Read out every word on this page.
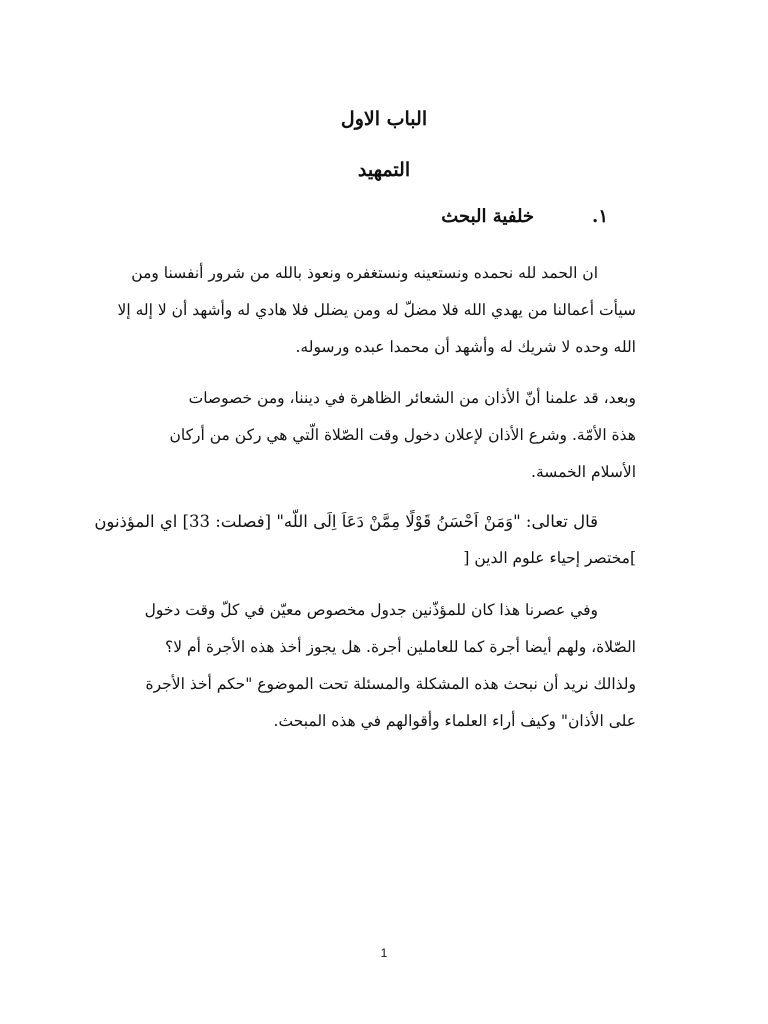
الباب الاول
التمهيد
١.خلفية البحث
ان الحمد لله نحمده ونستعينه ونستغفره ونعوذ بالله من شرور أنفسنا ومن
سيأت أعمالنا من يهدي الله فلا مضلّ له ومن يضلل فلا هادي له وأشهد أن لا إله إلا
الله وحده لا شريك له وأشهد أن محمدا عبده ورسوله.
وبعد، قد علمنا أنّ الأذان من الشعائر الظاهرة في ديننا، ومن خصوصات
هذة الأمّة. وشرع الأذان لإعلان دخول وقت الصّلاة الّتي هي ركن من أركان
الأسلام الخمسة.
قال تعالى: "وَمَنْ اَحْسَنُ قَوْلًا مِمَّنْ دَعَاَ اِلَى اللّه" [فصلت: 33] اي المؤذنون
]مختصر إحياء علوم الدين [
وفي عصرنا هذا كان للمؤذّنين جدول مخصوص معيّن في كلّ وقت دخول
الصّلاة، ولهم أيضا أجرة كما للعاملين أجرة. هل يجوز أخذ هذه الأجرة أم لا؟
ولذالك نريد أن نبحث هذه المشكلة والمسئلة تحت الموضوع "حكم أخذ الأجرة
على الأذان" وكيف أراء العلماء وأقوالهم في هذه المبحث.
1
